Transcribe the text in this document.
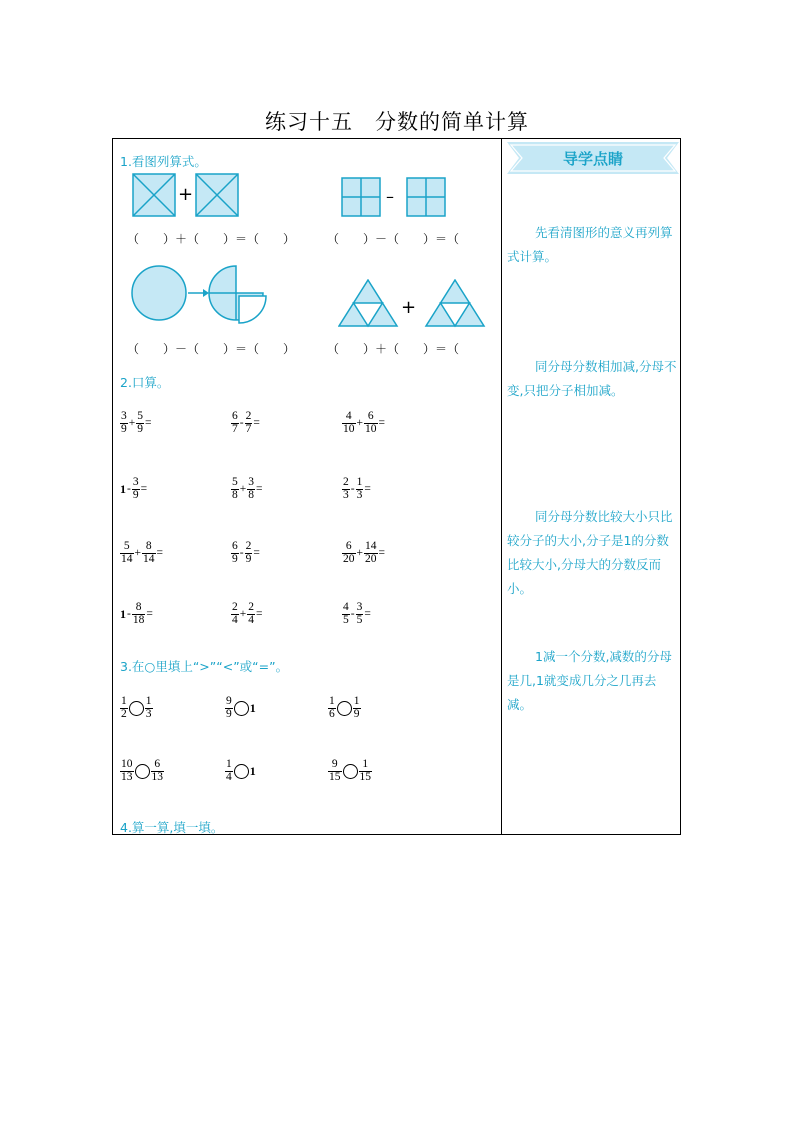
练习十五　分数的简单计算
1.看图列算式。
+	–
（　　）＋（　　）＝（　　）	（　　）－（　　）＝（
+
（　　）－（　　）＝（　　）	（　　）＋（　　）＝（
2.口算。
3.在○里填上“>”“<”或“=”。
4.算一算,填一填。
导学点睛
先看清图形的意义再列算式计算。
同分母分数相加减,分母不变,只把分子相加减。
同分母分数比较大小只比较分子的大小,分子是1的分数比较大小,分母大的分数反而小。
1减一个分数,减数的分母是几,1就变成几分之几再去减。
$\frac{3}{9} + \frac{5}{9}$ =	$\frac{6}{7} - \frac{2}{7}$ =	$\frac{4}{10} + \frac{6}{10}$ =
$1 - \frac{3}{9}$ =	$\frac{5}{8} + \frac{3}{8}$ =	$\frac{2}{3} - \frac{1}{3}$ =
$\frac{5}{14} + \frac{8}{14}$ =	$\frac{6}{9} - \frac{2}{9}$ =	$\frac{6}{20} + \frac{14}{20}$ =
$1 - \frac{8}{18}$ =	$\frac{2}{4} + \frac{2}{4}$ =	$\frac{4}{5} - \frac{3}{5}$ =
$\frac{1}{2} \frac{1}{3}$	$\frac{9}{9} 1$	$\frac{1}{6} \frac{1}{9}$
$\frac{10}{13} \frac{6}{13}$	$\frac{1}{4} 1$	$\frac{9}{15} \frac{1}{15}$
